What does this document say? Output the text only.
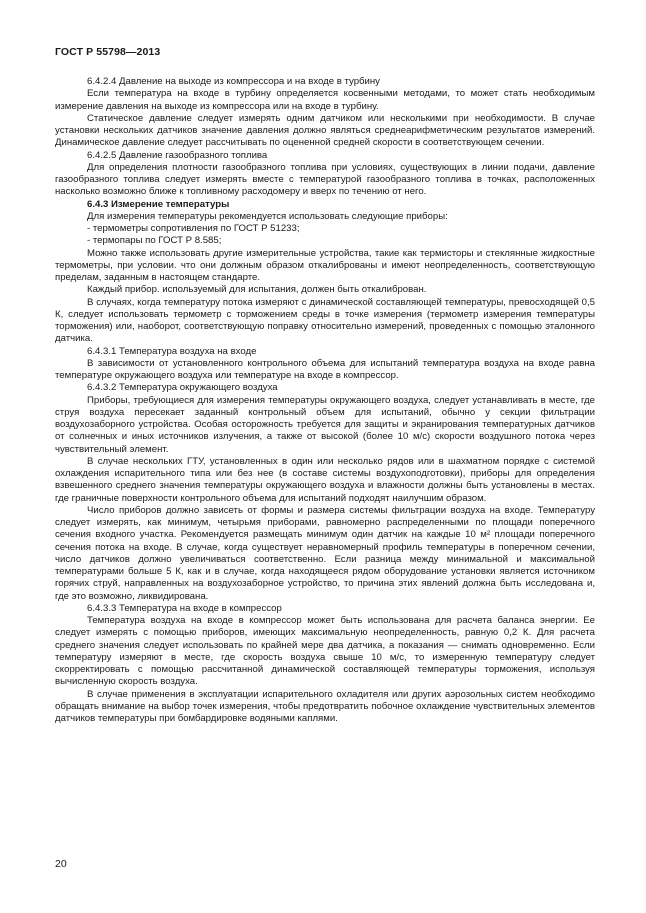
ГОСТ Р 55798—2013

6.4.2.4 Давление на выходе из компрессора и на входе в турбину

Если температура на входе в турбину определяется косвенными методами, то может стать необходимым измерение давления на выходе из компрессора или на входе в турбину.

Статическое давление следует измерять одним датчиком или несколькими при необходимости. В случае установки нескольких датчиков значение давления должно являться среднеарифметическим результатов измерений. Динамическое давление следует рассчитывать по оцененной средней скорости в соответствующем сечении.

6.4.2.5 Давление газообразного топлива

Для определения плотности газообразного топлива при условиях, существующих в линии подачи, давление газообразного топлива следует измерять вместе с температурой газообразного топлива в точках, расположенных насколько возможно ближе к топливному расходомеру и вверх по течению от него.

6.4.3 Измерение температуры

Для измерения температуры рекомендуется использовать следующие приборы:

- термометры сопротивления по ГОСТ Р 51233;

- термопары по ГОСТ Р 8.585;

Можно также использовать другие измерительные устройства, такие как термисторы и стеклянные жидкостные термометры, при условии. что они должным образом откалиброваны и имеют неопределенность, соответствующую пределам, заданным в настоящем стандарте.

Каждый прибор. используемый для испытания, должен быть откалиброван.

В случаях, когда температуру потока измеряют с динамической составляющей температуры, превосходящей 0,5 К, следует использовать термометр с торможением среды в точке измерения (термометр измерения температуры торможения) или, наоборот, соответствующую поправку относительно измерений, проведенных с помощью эталонного датчика.

6.4.3.1 Температура воздуха на входе

В зависимости от установленного контрольного объема для испытаний температура воздуха на входе равна температуре окружающего воздуха или температуре на входе в компрессор.

6.4.3.2 Температура окружающего воздуха

Приборы, требующиеся для измерения температуры окружающего воздуха, следует устанавливать в месте, где струя воздуха пересекает заданный контрольный объем для испытаний, обычно у секции фильтрации воздухозаборного устройства. Особая осторожность требуется для защиты и экранирования температурных датчиков от солнечных и иных источников излучения, а также от высокой (более 10 м/с) скорости воздушного потока через чувствительный элемент.

В случае нескольких ГТУ, установленных в один или несколько рядов или в шахматном порядке с системой охлаждения испарительного типа или без нее (в составе системы воздухоподготовки), приборы для определения взвешенного среднего значения температуры окружающего воздуха и влажности должны быть установлены в местах. где граничные поверхности контрольного объема для испытаний подходят наилучшим образом.

Число приборов должно зависеть от формы и размера системы фильтрации воздуха на входе. Температуру следует измерять, как минимум, четырьмя приборами, равномерно распределенными по площади поперечного сечения входного участка. Рекомендуется размещать минимум один датчик на каждые 10 м² площади поперечного сечения потока на входе. В случае, когда существует неравномерный профиль температуры в поперечном сечении, число датчиков должно увеличиваться соответственно. Если разница между минимальной и максимальной температурами больше 5 К, как и в случае, когда находящееся рядом оборудование установки является источником горячих струй, направленных на воздухозаборное устройство, то причина этих явлений должна быть исследована и, где это возможно, ликвидирована.

6.4.3.3 Температура на входе в компрессор

Температура воздуха на входе в компрессор может быть использована для расчета баланса энергии. Ее следует измерять с помощью приборов, имеющих максимальную неопределенность, равную 0,2 К. Для расчета среднего значения следует использовать по крайней мере два датчика, а показания — снимать одновременно. Если температуру измеряют в месте, где скорость воздуха свыше 10 м/с, то измеренную температуру следует скорректировать с помощью рассчитанной динамической составляющей температуры торможения, используя вычисленную скорость воздуха.

В случае применения в эксплуатации испарительного охладителя или других аэрозольных систем необходимо обращать внимание на выбор точек измерения, чтобы предотвратить побочное охлаждение чувствительных элементов датчиков температуры при бомбардировке водяными каплями.

20
